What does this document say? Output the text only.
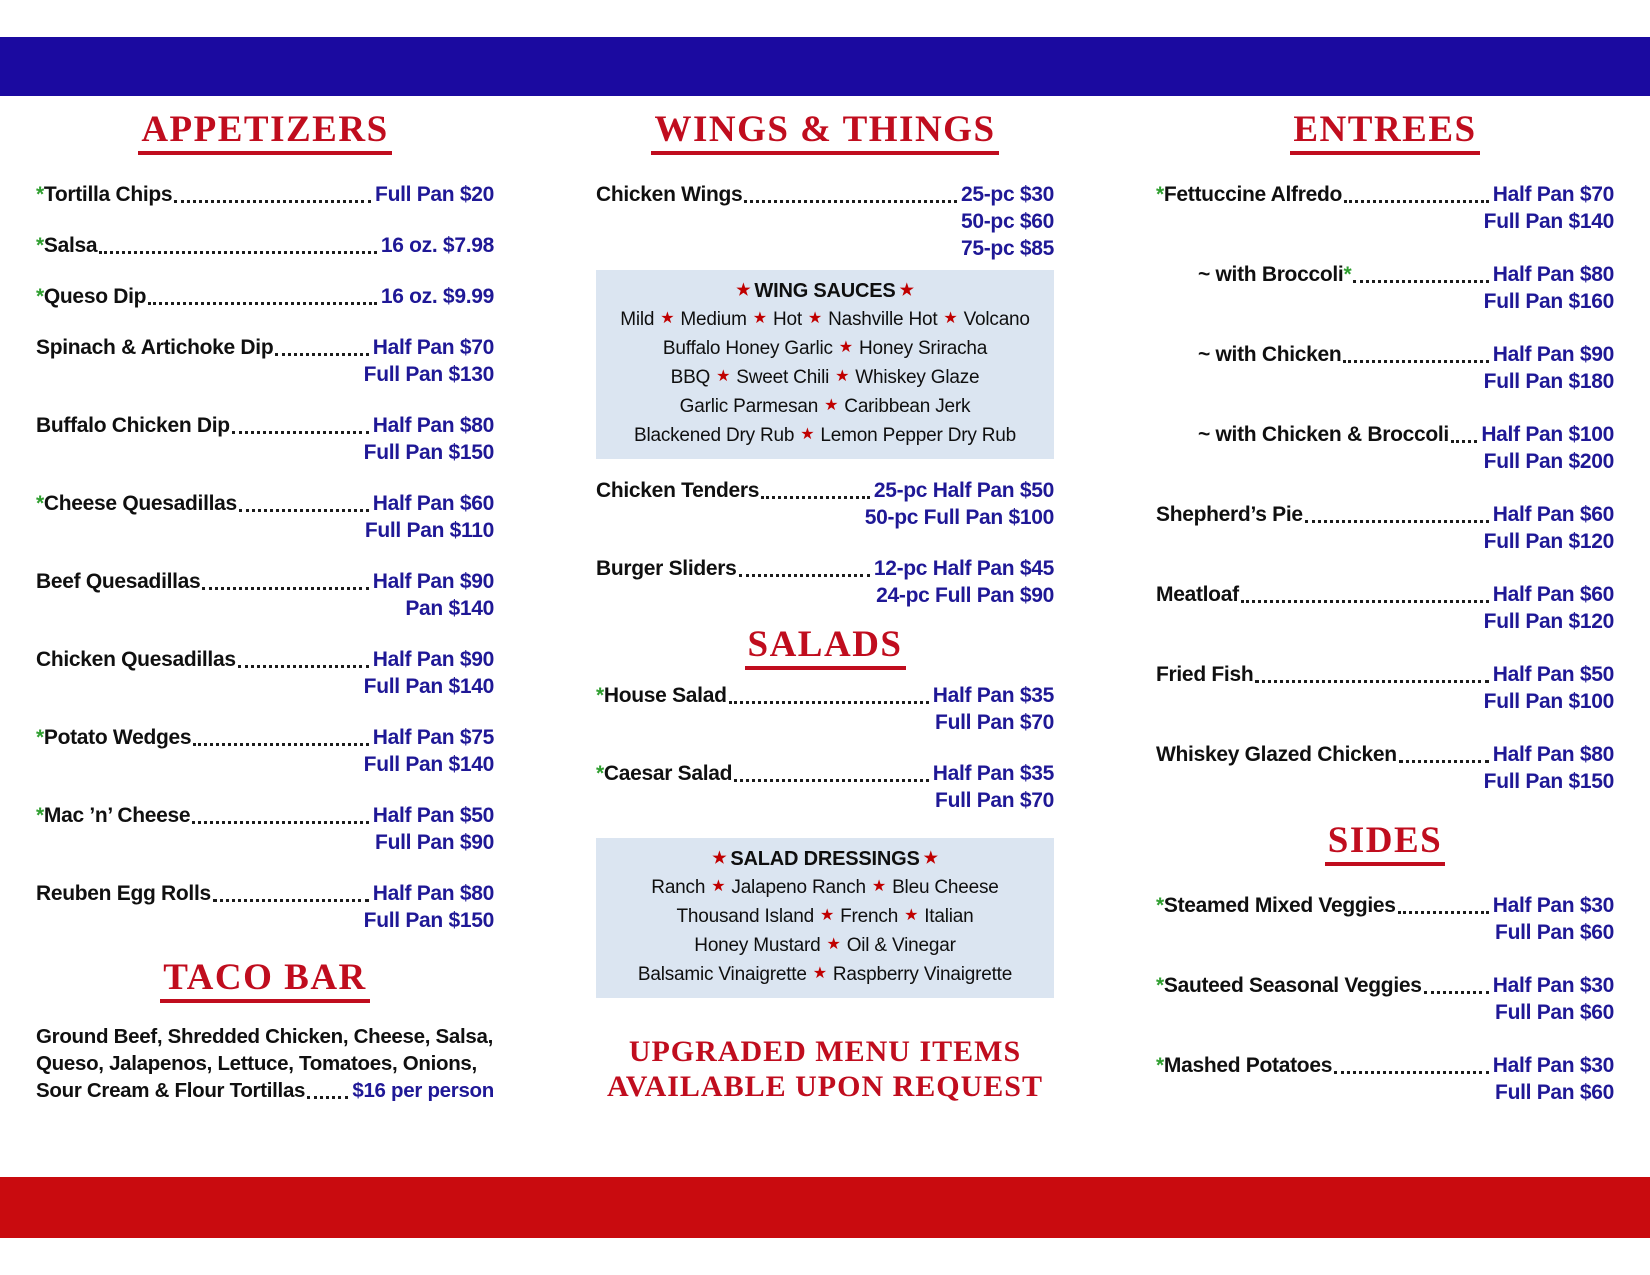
APPETIZERS
*Tortilla Chips	Full Pan $20
*Salsa	16 oz. $7.98
*Queso Dip	16 oz. $9.99
Spinach & Artichoke Dip	Half Pan $70
Full Pan $130
Buffalo Chicken Dip	Half Pan $80
Full Pan $150
*Cheese Quesadillas	Half Pan $60
Full Pan $110
Beef Quesadillas	Half Pan $90
Pan $140
Chicken Quesadillas	Half Pan $90
Full Pan $140
*Potato Wedges	Half Pan $75
Full Pan $140
*Mac ’n’ Cheese	Half Pan $50
Full Pan $90
Reuben Egg Rolls	Half Pan $80
Full Pan $150
TACO BAR
Ground Beef, Shredded Chicken, Cheese, Salsa,
Queso, Jalapenos, Lettuce, Tomatoes, Onions,
Sour Cream & Flour Tortillas $16 per person
WINGS & THINGS
Chicken Wings	25-pc $30
50-pc $60
75-pc $85
★ WING SAUCES ★
Mild ★ Medium ★ Hot ★ Nashville Hot ★ Volcano
Buffalo Honey Garlic ★ Honey Sriracha
BBQ ★ Sweet Chili ★ Whiskey Glaze
Garlic Parmesan ★ Caribbean Jerk
Blackened Dry Rub ★ Lemon Pepper Dry Rub
Chicken Tenders	25-pc Half Pan $50
50-pc Full Pan $100
Burger Sliders	12-pc Half Pan $45
24-pc Full Pan $90
SALADS
*House Salad	Half Pan $35
Full Pan $70
*Caesar Salad	Half Pan $35
Full Pan $70
★ SALAD DRESSINGS ★
Ranch ★ Jalapeno Ranch ★ Bleu Cheese
Thousand Island ★ French ★ Italian
Honey Mustard ★ Oil & Vinegar
Balsamic Vinaigrette ★ Raspberry Vinaigrette
UPGRADED MENU ITEMS
AVAILABLE UPON REQUEST
ENTREES
*Fettuccine Alfredo	Half Pan $70
Full Pan $140
~ with Broccoli*	Half Pan $80
Full Pan $160
~ with Chicken	Half Pan $90
Full Pan $180
~ with Chicken & Broccoli Half Pan $100
Full Pan $200
Shepherd’s Pie	Half Pan $60
Full Pan $120
Meatloaf	Half Pan $60
Full Pan $120
Fried Fish	Half Pan $50
Full Pan $100
Whiskey Glazed Chicken	Half Pan $80
Full Pan $150
SIDES
*Steamed Mixed Veggies	Half Pan $30
Full Pan $60
*Sauteed Seasonal Veggies	Half Pan $30
Full Pan $60
*Mashed Potatoes	Half Pan $30
Full Pan $60
